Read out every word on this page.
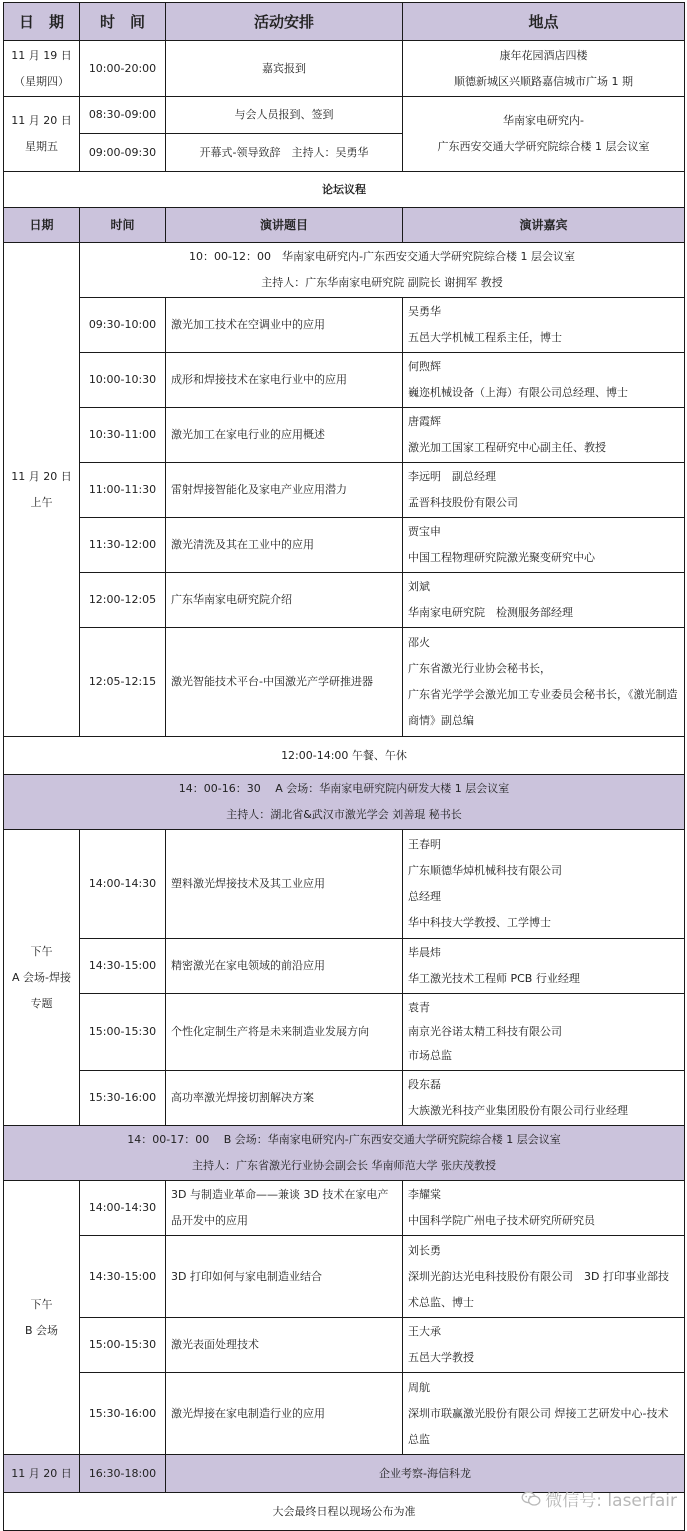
日　期	时　间	活动安排	地点

11 月 19 日
（星期四）	10:00-20:00	嘉宾报到	康年花园酒店四楼
顺德新城区兴顺路嘉信城市广场 1 期

11 月 20 日
星期五	08:30-09:00	与会人员报到、签到	华南家电研究内-
广东西安交通大学研究院综合楼 1 层会议室

	09:00-09:30	开幕式-领导致辞　主持人：吴勇华	
论坛议程			
日期	时间	演讲题目	演讲嘉宾

11 月 20 日
上午	10：00-12：00　华南家电研究内-广东西安交通大学研究院综合楼 1 层会议室
主持人：广东华南家电研究院 副院长 谢拥军 教授		

	09:30-10:00	激光加工技术在空调业中的应用	吴勇华
五邑大学机械工程系主任，博士

	10:00-10:30	成形和焊接技术在家电行业中的应用	何煦辉
巍迩机械设备（上海）有限公司总经理、博士

	10:30-11:00	激光加工在家电行业的应用概述	唐霞辉
激光加工国家工程研究中心副主任、教授

	11:00-11:30	雷射焊接智能化及家电产业应用潜力	李远明　副总经理
孟晋科技股份有限公司

	11:30-12:00	激光清洗及其在工业中的应用	贾宝申
中国工程物理研究院激光聚变研究中心

	12:00-12:05	广东华南家电研究院介绍	刘斌
华南家电研究院　检测服务部经理

	12:05-12:15	激光智能技术平台-中国激光产学研推进器	邵火
广东省激光行业协会秘书长，
广东省光学学会激光加工专业委员会秘书长，《激光制造商情》副总编

12:00-14:00 午餐、午休			

14：00-16：30　 A 会场：华南家电研究院内研发大楼 1 层会议室
主持人：湖北省&武汉市激光学会 刘善琨 秘书长			

下午
A 会场-焊接
专题	14:00-14:30	塑料激光焊接技术及其工业应用	王春明
广东顺德华焯机械科技有限公司
总经理
华中科技大学教授、工学博士

	14:30-15:00	精密激光在家电领域的前沿应用	毕晨炜
华工激光技术工程师 PCB 行业经理

	15:00-15:30	个性化定制生产将是未来制造业发展方向	袁青
南京光谷诺太精工科技有限公司
市场总监

	15:30-16:00	高功率激光焊接切割解决方案	段东磊
大族激光科技产业集团股份有限公司行业经理

14：00-17：00　 B 会场：华南家电研究内-广东西安交通大学研究院综合楼 1 层会议室
主持人：广东省激光行业协会副会长 华南师范大学 张庆茂教授			

下午
B 会场	14:00-14:30	3D 与制造业革命——兼谈 3D 技术在家电产品开发中的应用	李耀棠
中国科学院广州电子技术研究所研究员

	14:30-15:00	3D 打印如何与家电制造业结合	刘长勇
深圳光韵达光电科技股份有限公司　3D 打印事业部技术总监、博士

	15:00-15:30	激光表面处理技术	王大承
五邑大学教授

	15:30-16:00	激光焊接在家电制造行业的应用	周航
深圳市联赢激光股份有限公司 焊接工艺研发中心-技术总监

11 月 20 日	16:30-18:00	企业考察-海信科龙	
大会最终日程以现场公布为准				微信号: laserfair
